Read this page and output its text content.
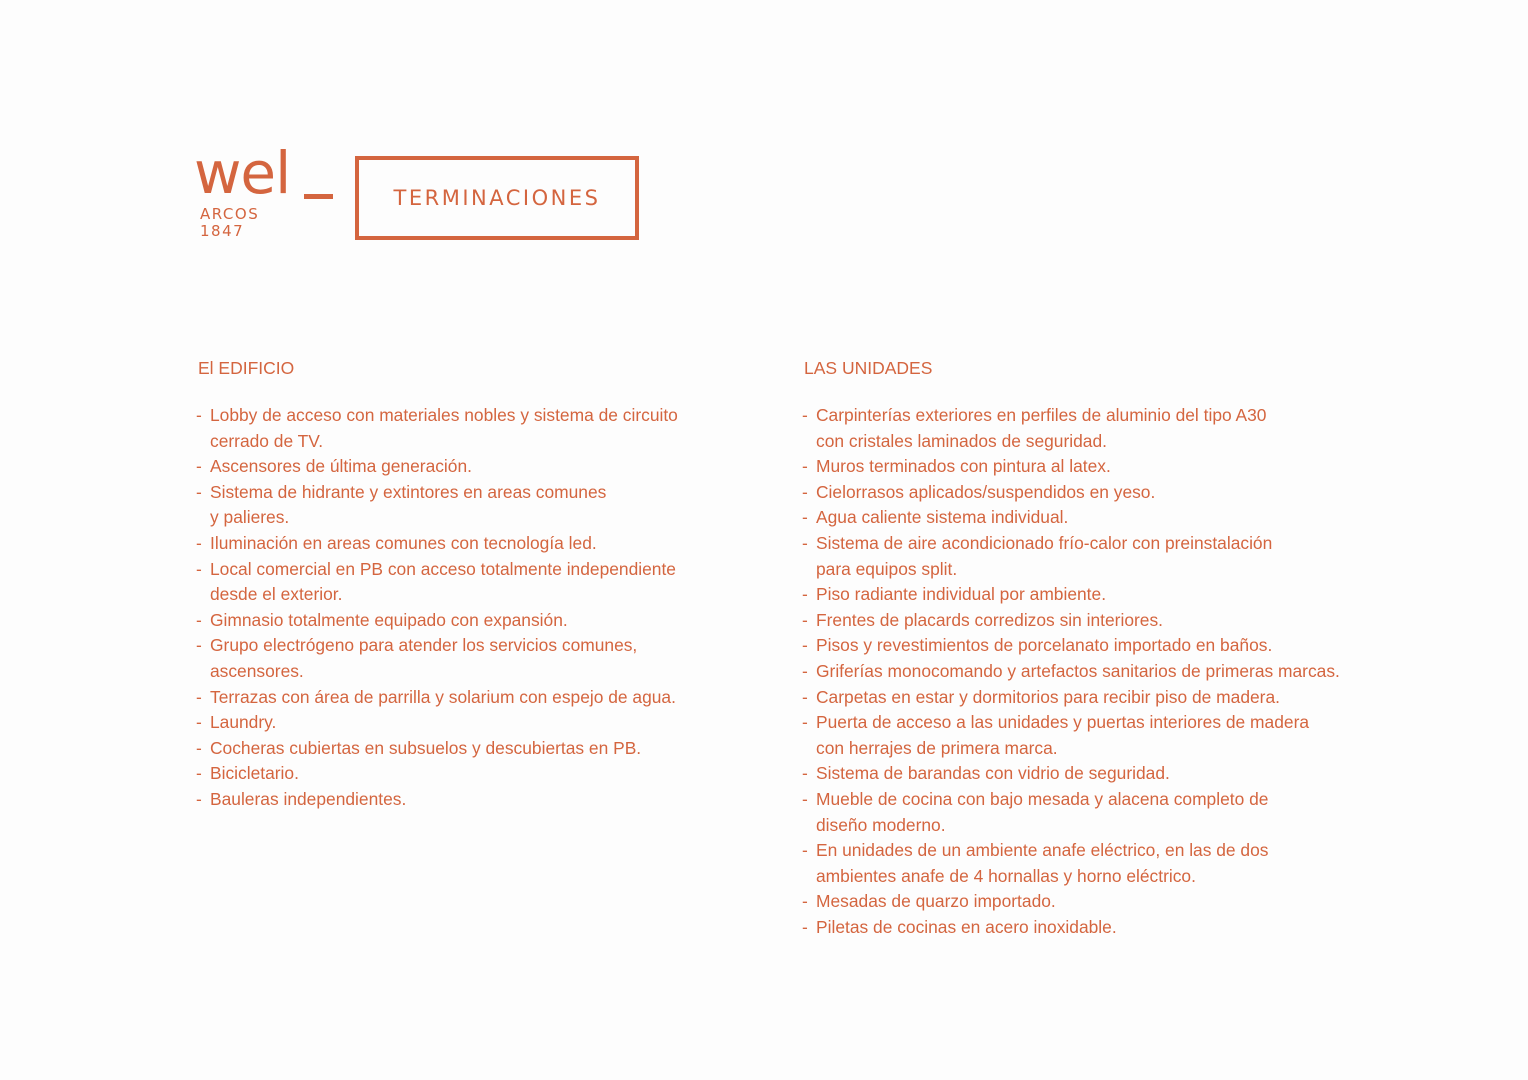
wel
ARCOS
1847
TERMINACIONES
El EDIFICIO
- Lobby de acceso con materiales nobles y sistema de circuito
cerrado de TV.
- Ascensores de última generación.
- Sistema de hidrante y extintores en areas comunes
y palieres.
- Iluminación en areas comunes con tecnología led.
- Local comercial en PB con acceso totalmente independiente
desde el exterior.
- Gimnasio totalmente equipado con expansión.
- Grupo electrógeno para atender los servicios comunes,
ascensores.
- Terrazas con área de parrilla y solarium con espejo de agua.
- Laundry.
- Cocheras cubiertas en subsuelos y descubiertas en PB.
- Bicicletario.
- Bauleras independientes.
LAS UNIDADES
- Carpinterías exteriores en perfiles de aluminio del tipo A30
con cristales laminados de seguridad.
- Muros terminados con pintura al latex.
- Cielorrasos aplicados/suspendidos en yeso.
- Agua caliente sistema individual.
- Sistema de aire acondicionado frío-calor con preinstalación
para equipos split.
- Piso radiante individual por ambiente.
- Frentes de placards corredizos sin interiores.
- Pisos y revestimientos de porcelanato importado en baños.
- Griferías monocomando y artefactos sanitarios de primeras marcas.
- Carpetas en estar y dormitorios para recibir piso de madera.
- Puerta de acceso a las unidades y puertas interiores de madera
con herrajes de primera marca.
- Sistema de barandas con vidrio de seguridad.
- Mueble de cocina con bajo mesada y alacena completo de
diseño moderno.
- En unidades de un ambiente anafe eléctrico, en las de dos
ambientes anafe de 4 hornallas y horno eléctrico.
- Mesadas de quarzo importado.
- Piletas de cocinas en acero inoxidable.
